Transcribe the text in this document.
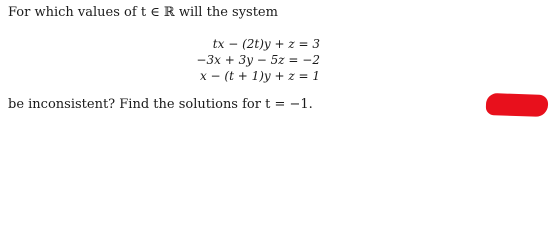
For which values of t ∈ ℝ will the system
tx − (2t)y + z = 3
−3x + 3y − 5z = −2
x − (t + 1)y + z = 1
be inconsistent? Find the solutions for t = −1.
